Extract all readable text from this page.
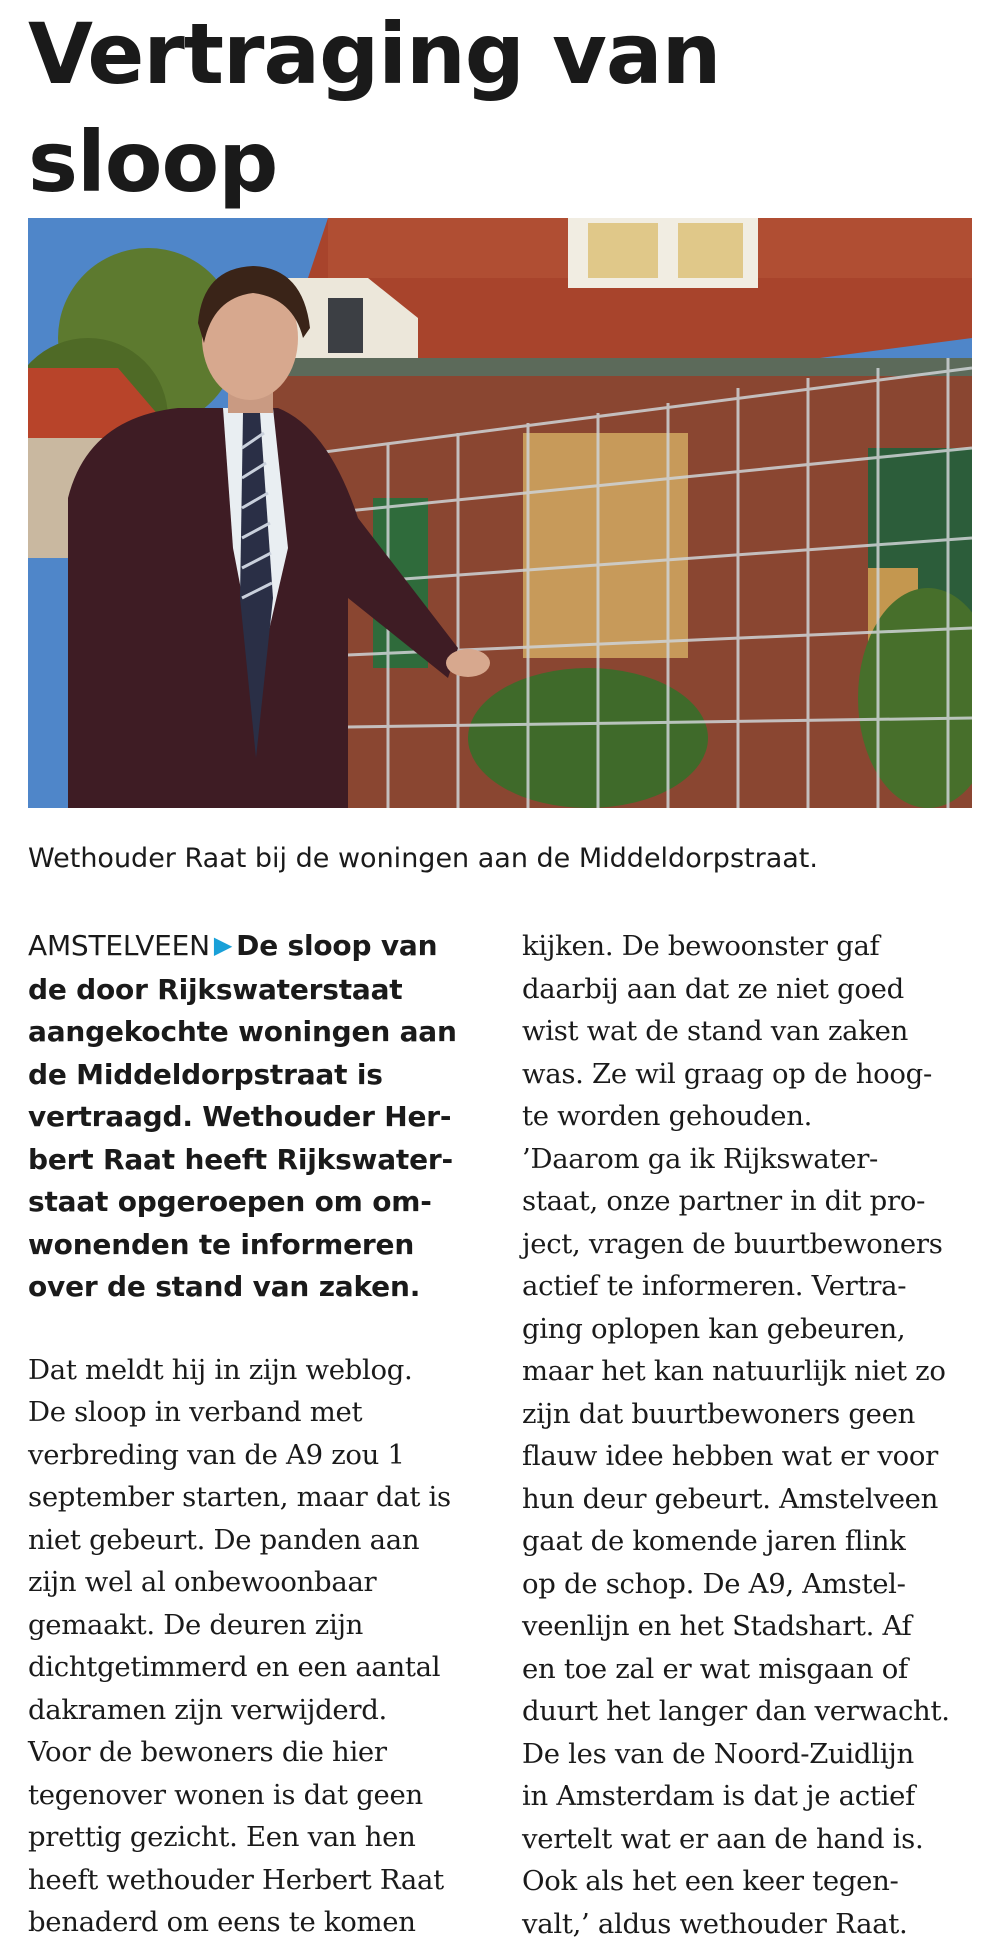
Vertraging van sloop

Wethouder Raat bij de woningen aan de Middeldorpstraat.

AMSTELVEEN ▶ De sloop van
de door Rijkswaterstaat
aangekochte woningen aan
de Middeldorpstraat is
vertraagd. Wethouder Her-
bert Raat heeft Rijkswater-
staat opgeroepen om om-
wonenden te informeren
over de stand van zaken.

Dat meldt hij in zijn weblog.
De sloop in verband met
verbreding van de A9 zou 1
september starten, maar dat is
niet gebeurt. De panden aan
zijn wel al onbewoonbaar
gemaakt. De deuren zijn
dichtgetimmerd en een aantal
dakramen zijn verwijderd.
Voor de bewoners die hier
tegenover wonen is dat geen
prettig gezicht. Een van hen
heeft wethouder Herbert Raat
benaderd om eens te komen

kijken. De bewoonster gaf
daarbij aan dat ze niet goed
wist wat de stand van zaken
was. Ze wil graag op de hoog-
te worden gehouden.
’Daarom ga ik Rijkswater-
staat, onze partner in dit pro-
ject, vragen de buurtbewoners
actief te informeren. Vertra-
ging oplopen kan gebeuren,
maar het kan natuurlijk niet zo
zijn dat buurtbewoners geen
flauw idee hebben wat er voor
hun deur gebeurt. Amstelveen
gaat de komende jaren flink
op de schop. De A9, Amstel-
veenlijn en het Stadshart. Af
en toe zal er wat misgaan of
duurt het langer dan verwacht.
De les van de Noord-Zuidlijn
in Amsterdam is dat je actief
vertelt wat er aan de hand is.
Ook als het een keer tegen-
valt,’ aldus wethouder Raat.
